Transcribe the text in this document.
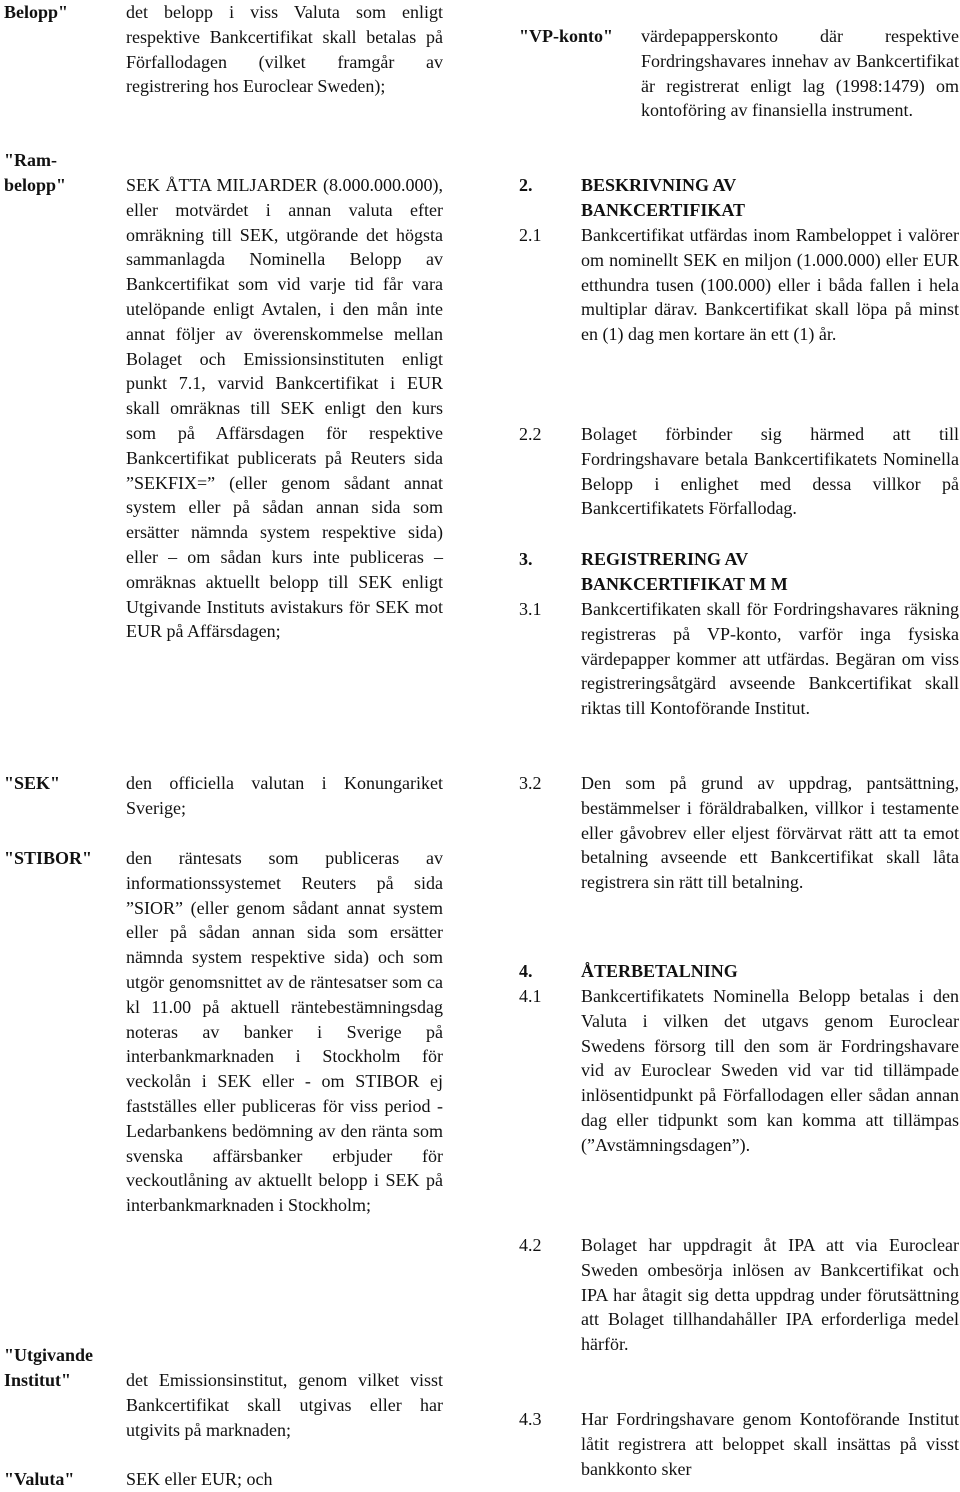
Belopp"	det belopp i viss Valuta som enligt respektive Bankcertifikat skall betalas på Förfallodagen (vilket framgår av registrering hos Euroclear Sweden);
"Ram-
belopp"	SEK ÅTTA MILJARDER (8.000.000.000), eller motvärdet i annan valuta efter omräkning till SEK, utgörande det högsta sammanlagda Nominella Belopp av Bankcertifikat som vid varje tid får vara utelöpande enligt Avtalen, i den mån inte annat följer av överenskommelse mellan Bolaget och Emissionsinstituten enligt punkt 7.1, varvid Bankcertifikat i EUR skall omräknas till SEK enligt den kurs som på Affärsdagen för respektive Bankcertifikat publicerats på Reuters sida ”SEKFIX=” (eller genom sådant annat system eller på sådan annan sida som ersätter nämnda system respektive sida) eller – om sådan kurs inte publiceras – omräknas aktuellt belopp till SEK enligt Utgivande Instituts avistakurs för SEK mot EUR på Affärsdagen;
"SEK"	den officiella valutan i Konungariket Sverige;
"STIBOR"	den räntesats som publiceras av informationssystemet Reuters på sida ”SIOR” (eller genom sådant annat system eller på sådan annan sida som ersätter nämnda system respektive sida) och som utgör genomsnittet av de räntesatser som ca kl 11.00 på aktuell räntebestämningsdag noteras av banker i Sverige på interbankmarknaden i Stockholm för veckolån i SEK eller - om STIBOR ej fastställes eller publiceras för viss period - Ledarbankens bedömning av den ränta som svenska affärsbanker erbjuder för veckoutlåning av aktuellt belopp i SEK på interbankmarknaden i Stockholm;
"Utgivande
Institut"	det Emissionsinstitut, genom vilket visst Bankcertifikat skall utgivas eller har utgivits på marknaden;
"Valuta"	SEK eller EUR; och
"VP-konto"	värdepapperskonto där respektive Fordringshavares innehav av Bankcertifikat är registrerat enligt lag (1998:1479) om kontoföring av finansiella instrument.
2.	BESKRIVNING AV BANKCERTIFIKAT
2.1	Bankcertifikat utfärdas inom Rambeloppet i valörer om nominellt SEK en miljon (1.000.000) eller EUR etthundra tusen (100.000) eller i båda fallen i hela multiplar därav. Bankcertifikat skall löpa på minst en (1) dag men kortare än ett (1) år.
2.2	Bolaget förbinder sig härmed att till Fordringshavare betala Bankcertifikatets Nominella Belopp i enlighet med dessa villkor på Bankcertifikatets Förfallodag.
3.	REGISTRERING AV BANKCERTIFIKAT M M
3.1	Bankcertifikaten skall för Fordringshavares räkning registreras på VP-konto, varför inga fysiska värdepapper kommer att utfärdas. Begäran om viss registreringsåtgärd avseende Bankcertifikat skall riktas till Kontoförande Institut.
3.2	Den som på grund av uppdrag, pantsättning, bestämmelser i föräldrabalken, villkor i testamente eller gåvobrev eller eljest förvärvat rätt att ta emot betalning avseende ett Bankcertifikat skall låta registrera sin rätt till betalning.
4.	ÅTERBETALNING
4.1	Bankcertifikatets Nominella Belopp betalas i den Valuta i vilken det utgavs genom Euroclear Swedens försorg till den som är Fordringshavare vid av Euroclear Sweden vid var tid tillämpade inlösentidpunkt på Förfallodagen eller sådan annan dag eller tidpunkt som kan komma att tillämpas (”Avstämningsdagen”).
4.2	Bolaget har uppdragit åt IPA att via Euroclear Sweden ombesörja inlösen av Bankcertifikat och IPA har åtagit sig detta uppdrag under förutsättning att Bolaget tillhandahåller IPA erforderliga medel härför.
4.3	Har Fordringshavare genom Kontoförande Institut låtit registrera att beloppet skall insättas på visst bankkonto sker
